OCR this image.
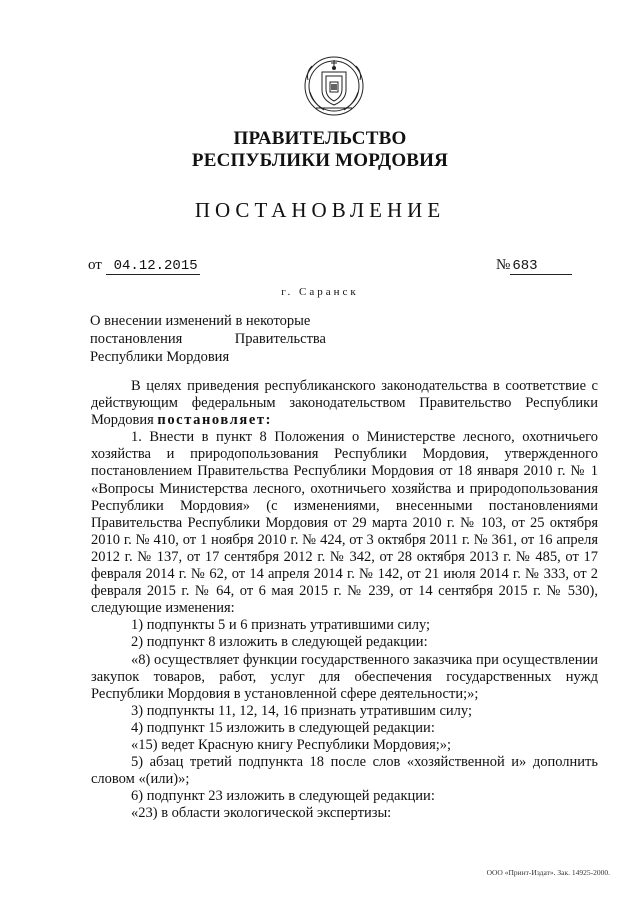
ПРАВИТЕЛЬСТВО
РЕСПУБЛИКИ МОРДОВИЯ
ПОСТАНОВЛЕНИЕ
от 04.12.2015	№ 683
г. Саранск
О внесении изменений в некоторые
постановления	Правительства
Республики Мордовия

В целях приведения республиканского законодательства в соответствие с действующим федеральным законодательством Правительство Республики Мордовия постановляет:

1. Внести в пункт 8 Положения о Министерстве лесного, охотничьего хозяйства и природопользования Республики Мордовия, утвержденного постановлением Правительства Республики Мордовия от 18 января 2010 г. № 1 «Вопросы Министерства лесного, охотничьего хозяйства и природопользования Республики Мордовия» (с изменениями, внесенными постановлениями Правительства Республики Мордовия от 29 марта 2010 г. № 103, от 25 октября 2010 г. № 410, от 1 ноября 2010 г. № 424, от 3 октября 2011 г. № 361, от 16 апреля 2012 г. № 137, от 17 сентября 2012 г. № 342, от 28 октября 2013 г. № 485, от 17 февраля 2014 г. № 62, от 14 апреля 2014 г. № 142, от 21 июля 2014 г. № 333, от 2 февраля 2015 г. № 64, от 6 мая 2015 г. № 239, от 14 сентября 2015 г. № 530), следующие изменения:

1) подпункты 5 и 6 признать утратившими силу;

2) подпункт 8 изложить в следующей редакции:

«8) осуществляет функции государственного заказчика при осуществлении закупок товаров, работ, услуг для обеспечения государственных нужд Республики Мордовия в установленной сфере деятельности;»;

3) подпункты 11, 12, 14, 16 признать утратившим силу;

4) подпункт 15 изложить в следующей редакции:

«15) ведет Красную книгу Республики Мордовия;»;

5) абзац третий подпункта 18 после слов «хозяйственной и» дополнить словом «(или)»;

6) подпункт 23 изложить в следующей редакции:

«23) в области экологической экспертизы:

ООО «Принт-Издат». Зак. 14925-2000.
